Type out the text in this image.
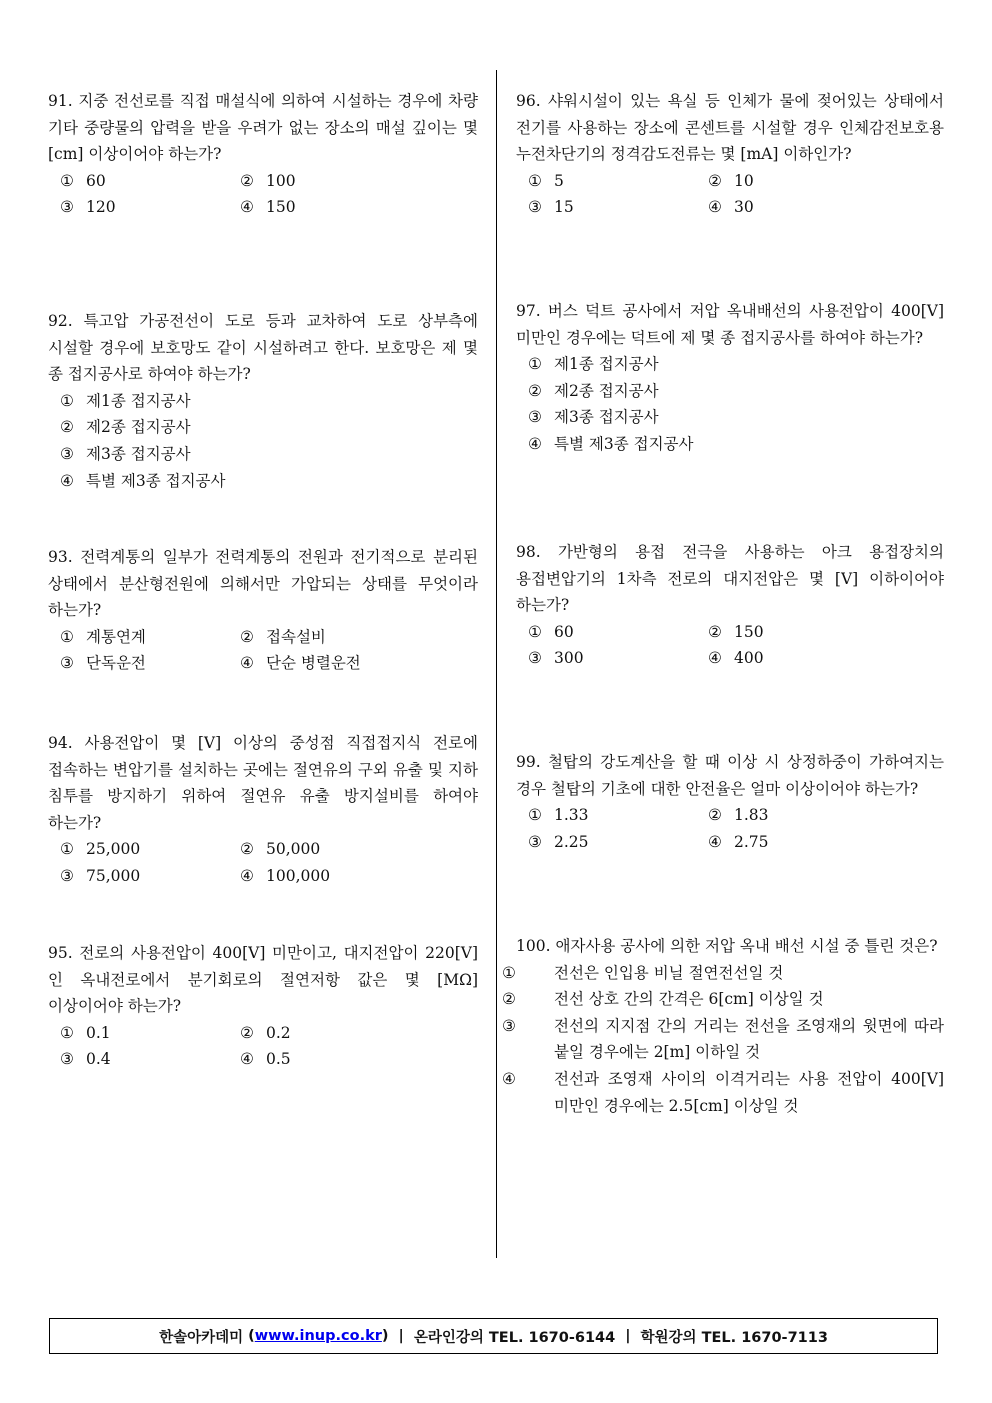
91. 지중 전선로를 직접 매설식에 의하여 시설하는 경우에 차량 기타 중량물의 압력을 받을 우려가 없는 장소의 매설 깊이는 몇 [cm] 이상이어야 하는가?
① 60	② 100
③ 120	④ 150
92. 특고압 가공전선이 도로 등과 교차하여 도로 상부측에 시설할 경우에 보호망도 같이 시설하려고 한다. 보호망은 제 몇 종 접지공사로 하여야 하는가?
① 제1종 접지공사
② 제2종 접지공사
③ 제3종 접지공사
④ 특별 제3종 접지공사
93. 전력계통의 일부가 전력계통의 전원과 전기적으로 분리된 상태에서 분산형전원에 의해서만 가압되는 상태를 무엇이라 하는가?
① 계통연계	② 접속설비
③ 단독운전	④ 단순 병렬운전
94. 사용전압이 몇 [V] 이상의 중성점 직접접지식 전로에 접속하는 변압기를 설치하는 곳에는 절연유의 구외 유출 및 지하 침투를 방지하기 위하여 절연유 유출 방지설비를 하여야 하는가?
① 25,000	② 50,000
③ 75,000	④ 100,000
95. 전로의 사용전압이 400[V] 미만이고, 대지전압이 220[V]인 옥내전로에서 분기회로의 절연저항 값은 몇 [MΩ] 이상이어야 하는가?
① 0.1	② 0.2
③ 0.4	④ 0.5
96. 샤워시설이 있는 욕실 등 인체가 물에 젖어있는 상태에서 전기를 사용하는 장소에 콘센트를 시설할 경우 인체감전보호용 누전차단기의 정격감도전류는 몇 [mA] 이하인가?
① 5	② 10
③ 15	④ 30
97. 버스 덕트 공사에서 저압 옥내배선의 사용전압이 400[V] 미만인 경우에는 덕트에 제 몇 종 접지공사를 하여야 하는가?
① 제1종 접지공사
② 제2종 접지공사
③ 제3종 접지공사
④ 특별 제3종 접지공사
98. 가반형의 용접 전극을 사용하는 아크 용접장치의 용접변압기의 1차측 전로의 대지전압은 몇 [V] 이하이어야 하는가?
① 60	② 150
③ 300	④ 400
99. 철탑의 강도계산을 할 때 이상 시 상정하중이 가하여지는 경우 철탑의 기초에 대한 안전율은 얼마 이상이어야 하는가?
① 1.33	② 1.83
③ 2.25	④ 2.75
100. 애자사용 공사에 의한 저압 옥내 배선 시설 중 틀린 것은?
① 전선은 인입용 비닐 절연전선일 것
② 전선 상호 간의 간격은 6[cm] 이상일 것
③ 전선의 지지점 간의 거리는 전선을 조영재의 윗면에 따라 붙일 경우에는 2[m] 이하일 것
④ 전선과 조영재 사이의 이격거리는 사용 전압이 400[V] 미만인 경우에는 2.5[cm] 이상일 것
한솔아카데미 ( www.inup.co.kr ) | 온라인강의 TEL. 1670-6144 | 학원강의 TEL. 1670-7113
